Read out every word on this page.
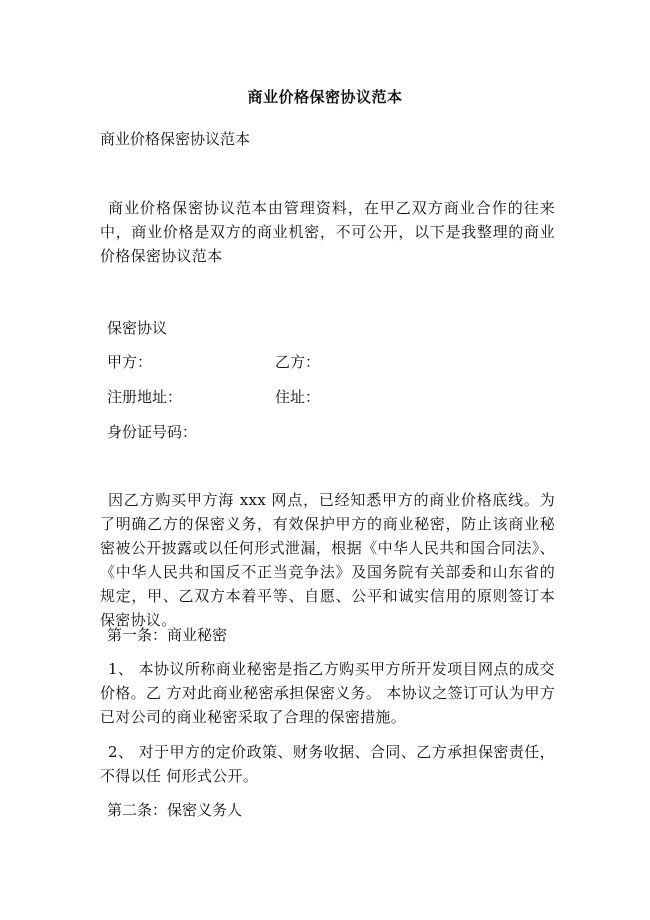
商业价格保密协议范本
商业价格保密协议范本
商业价格保密协议范本由管理资料，在甲乙双方商业合作的往来中，商业价格是双方的商业机密，不可公开，以下是我整理的商业价格保密协议范本
保密协议
甲方：	乙方：
注册地址：	住址：
身份证号码：
因乙方购买甲方海 xxx 网点，已经知悉甲方的商业价格底线。为了明确乙方的保密义务，有效保护甲方的商业秘密，防止该商业秘密被公开披露或以任何形式泄漏，根据《中华人民共和国合同法》、《中华人民共和国反不正当竞争法》及国务院有关部委和山东省的规定，甲、乙双方本着平等、自愿、公平和诚实信用的原则签订本保密协议。
第一条：商业秘密
1、 本协议所称商业秘密是指乙方购买甲方所开发项目网点的成交价格。乙 方对此商业秘密承担保密义务。 本协议之签订可认为甲方已对公司的商业秘密采取了合理的保密措施。
2、 对于甲方的定价政策、财务收据、合同、乙方承担保密责任，不得以任 何形式公开。
第二条：保密义务人
